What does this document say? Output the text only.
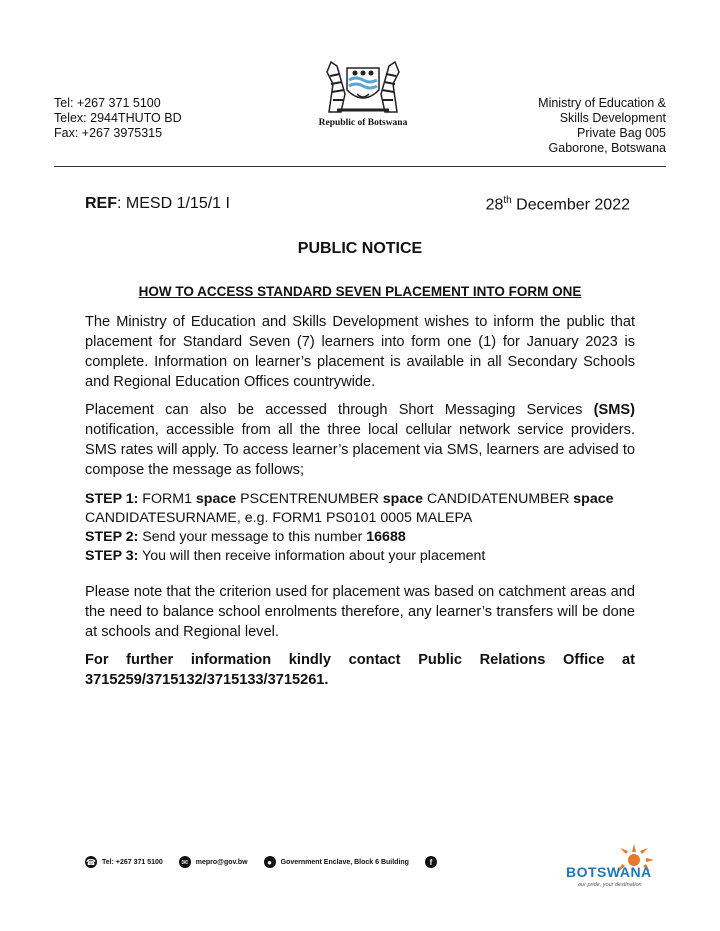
Tel: +267 371 5100
Telex: 2944THUTO BD
Fax: +267 3975315
Republic of Botswana
Ministry of Education &
Skills Development
Private Bag 005
Gaborone, Botswana
REF: MESD 1/15/1 I	28th December 2022
PUBLIC NOTICE
HOW TO ACCESS STANDARD SEVEN PLACEMENT INTO FORM ONE
The Ministry of Education and Skills Development wishes to inform the public that placement for Standard Seven (7) learners into form one (1) for January 2023 is complete. Information on learner’s placement is available in all Secondary Schools and Regional Education Offices countrywide.
Placement can also be accessed through Short Messaging Services (SMS) notification, accessible from all the three local cellular network service providers. SMS rates will apply. To access learner’s placement via SMS, learners are advised to compose the message as follows;
STEP 1: FORM1 space PSCENTRENUMBER space CANDIDATENUMBER space CANDIDATESURNAME, e.g. FORM1 PS0101 0005 MALEPA
STEP 2: Send your message to this number 16688
STEP 3: You will then receive information about your placement
Please note that the criterion used for placement was based on catchment areas and the need to balance school enrolments therefore, any learner’s transfers will be done at schools and Regional level.
For further information kindly contact Public Relations Office at 3715259/3715132/3715133/3715261.
☎ Tel: +267 371 5100	✉	mepro@gov.bw	●	Government Enclave, Block 6 Building	f
BOTSWANA
our pride, your destination
